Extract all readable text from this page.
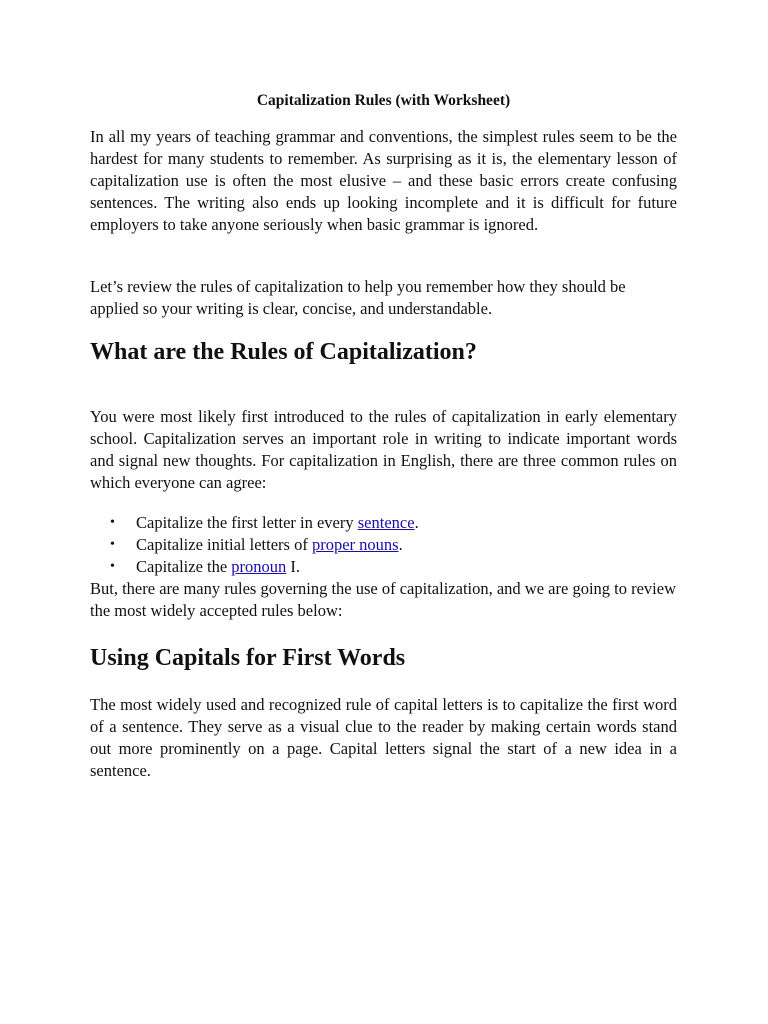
Capitalization Rules (with Worksheet)

In all my years of teaching grammar and conventions, the simplest rules seem to be the hardest for many students to remember. As surprising as it is, the elementary lesson of capitalization use is often the most elusive – and these basic errors create confusing sentences. The writing also ends up looking incomplete and it is difficult for future employers to take anyone seriously when basic grammar is ignored.

Let’s review the rules of capitalization to help you remember how they should be applied so your writing is clear, concise, and understandable.

What are the Rules of Capitalization?

You were most likely first introduced to the rules of capitalization in early elementary school. Capitalization serves an important role in writing to indicate important words and signal new thoughts. For capitalization in English, there are three common rules on which everyone can agree:

• Capitalize the first letter in every sentence.
• Capitalize initial letters of proper nouns.
• Capitalize the pronoun I.

But, there are many rules governing the use of capitalization, and we are going to review the most widely accepted rules below:

Using Capitals for First Words

The most widely used and recognized rule of capital letters is to capitalize the first word of a sentence. They serve as a visual clue to the reader by making certain words stand out more prominently on a page. Capital letters signal the start of a new idea in a sentence.
